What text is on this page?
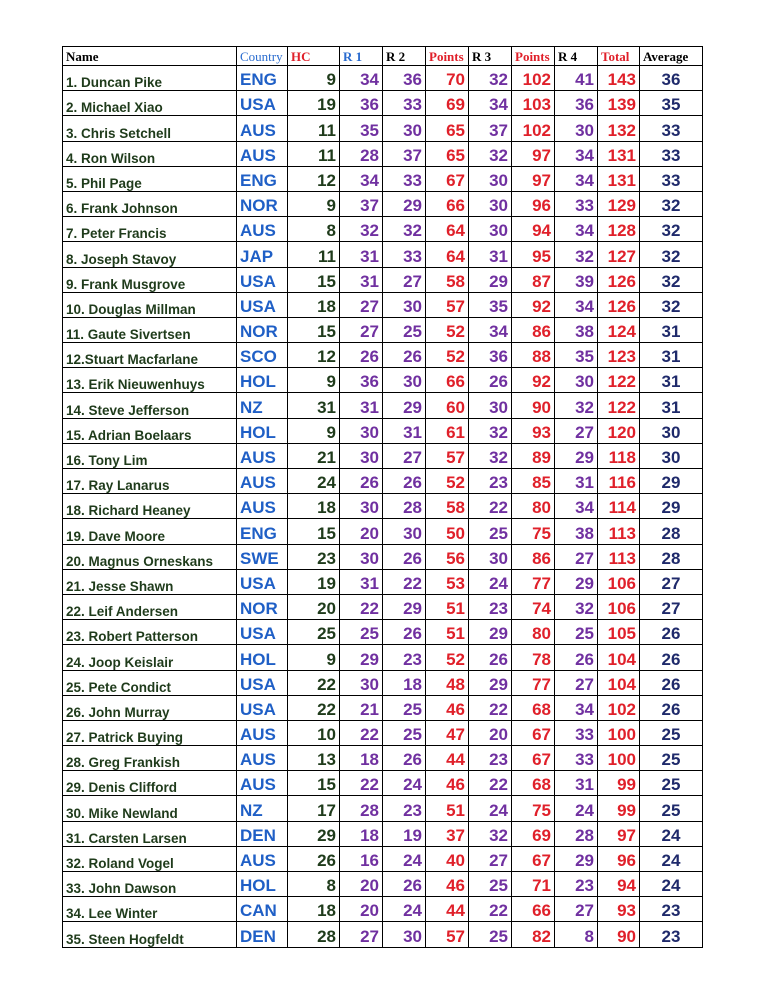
Name	Country	HC	R 1	R 2	Points	R 3	Points	R 4	Total	Average
1. Duncan Pike	ENG	9	34	36	70	32	102	41	143	36
2. Michael Xiao	USA	19	36	33	69	34	103	36	139	35
3. Chris Setchell	AUS	11	35	30	65	37	102	30	132	33
4. Ron Wilson	AUS	11	28	37	65	32	97	34	131	33
5. Phil Page	ENG	12	34	33	67	30	97	34	131	33
6. Frank Johnson	NOR	9	37	29	66	30	96	33	129	32
7. Peter Francis	AUS	8	32	32	64	30	94	34	128	32
8. Joseph Stavoy	JAP	11	31	33	64	31	95	32	127	32
9. Frank Musgrove	USA	15	31	27	58	29	87	39	126	32
10. Douglas Millman	USA	18	27	30	57	35	92	34	126	32
11. Gaute Sivertsen	NOR	15	27	25	52	34	86	38	124	31
12.Stuart Macfarlane	SCO	12	26	26	52	36	88	35	123	31
13. Erik Nieuwenhuys	HOL	9	36	30	66	26	92	30	122	31
14. Steve Jefferson	NZ	31	31	29	60	30	90	32	122	31
15. Adrian Boelaars	HOL	9	30	31	61	32	93	27	120	30
16. Tony Lim	AUS	21	30	27	57	32	89	29	118	30
17. Ray Lanarus	AUS	24	26	26	52	23	85	31	116	29
18. Richard Heaney	AUS	18	30	28	58	22	80	34	114	29
19. Dave Moore	ENG	15	20	30	50	25	75	38	113	28
20. Magnus Orneskans	SWE	23	30	26	56	30	86	27	113	28
21. Jesse Shawn	USA	19	31	22	53	24	77	29	106	27
22. Leif Andersen	NOR	20	22	29	51	23	74	32	106	27
23. Robert Patterson	USA	25	25	26	51	29	80	25	105	26
24. Joop Keislair	HOL	9	29	23	52	26	78	26	104	26
25. Pete Condict	USA	22	30	18	48	29	77	27	104	26
26. John Murray	USA	22	21	25	46	22	68	34	102	26
27. Patrick Buying	AUS	10	22	25	47	20	67	33	100	25
28. Greg Frankish	AUS	13	18	26	44	23	67	33	100	25
29. Denis Clifford	AUS	15	22	24	46	22	68	31	99	25
30. Mike Newland	NZ	17	28	23	51	24	75	24	99	25
31. Carsten Larsen	DEN	29	18	19	37	32	69	28	97	24
32. Roland Vogel	AUS	26	16	24	40	27	67	29	96	24
33. John Dawson	HOL	8	20	26	46	25	71	23	94	24
34. Lee Winter	CAN	18	20	24	44	22	66	27	93	23
35. Steen Hogfeldt	DEN	28	27	30	57	25	82	8	90	23
